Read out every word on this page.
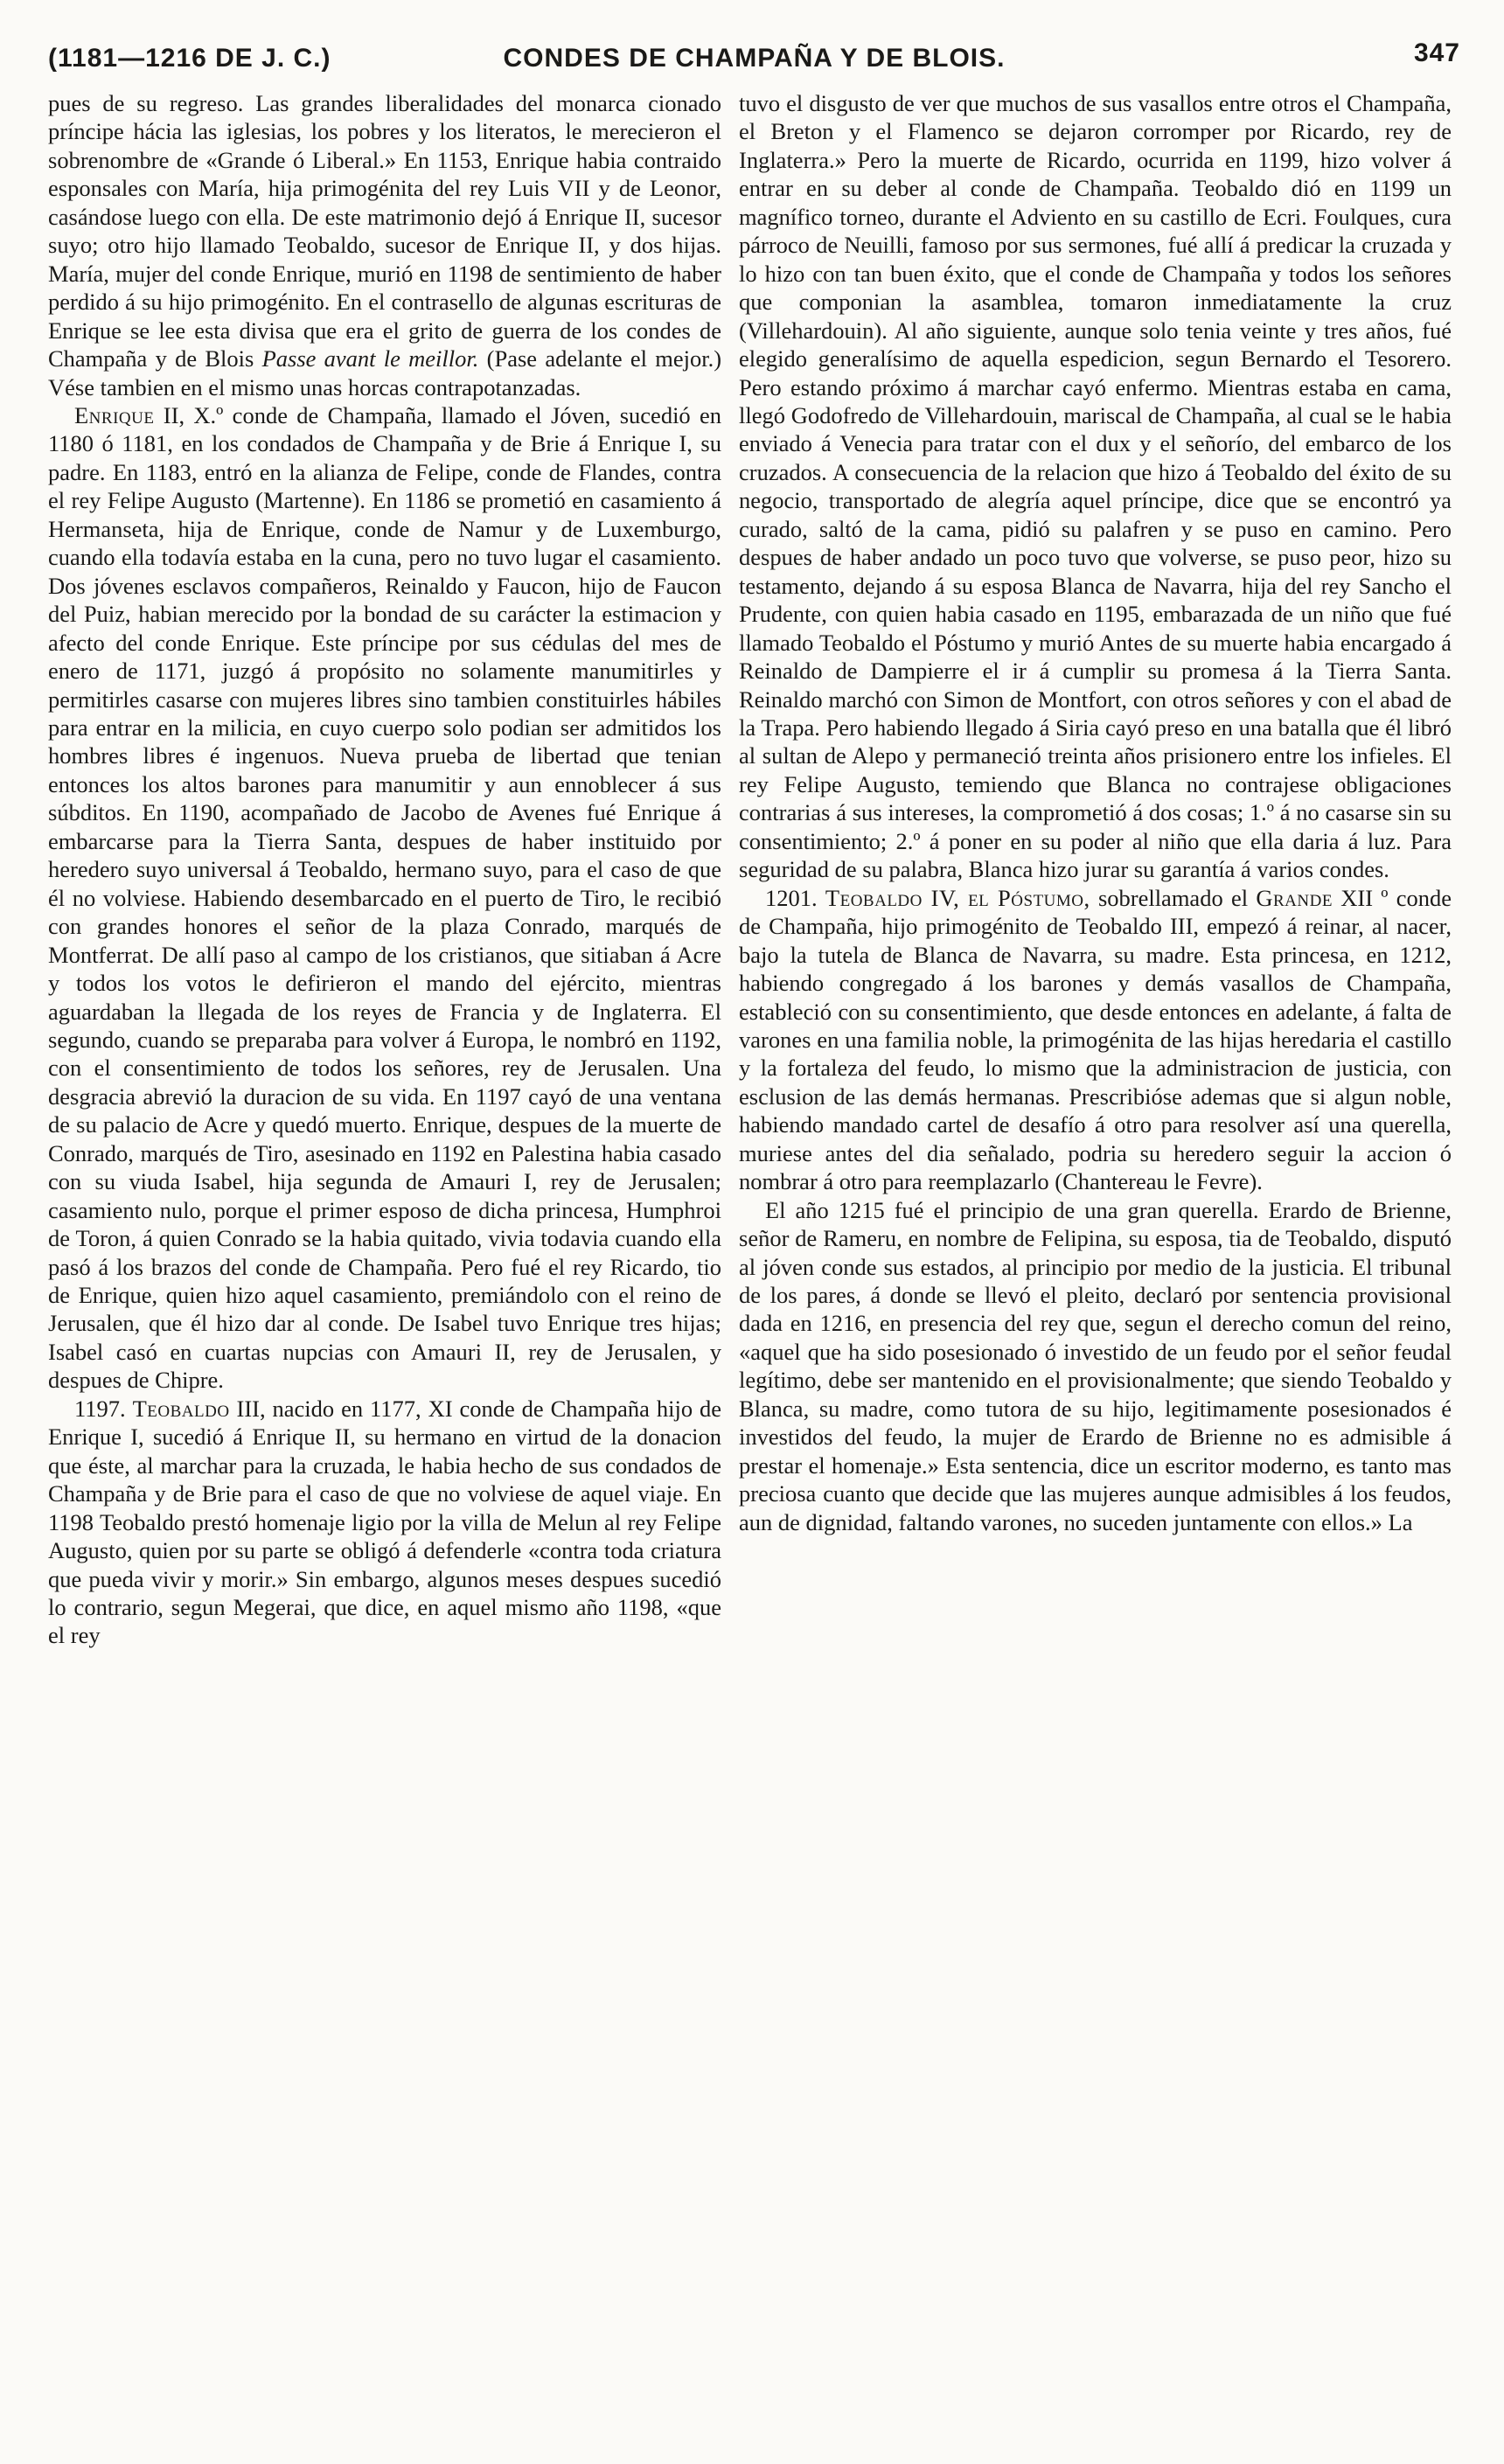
(1181—1216 DE J. C.)	CONDES DE CHAMPAÑA Y DE BLOIS.	347

pues de su regreso. Las grandes liberalidades del monarca cionado príncipe hácia las iglesias, los pobres y los literatos, le merecieron el sobrenombre de «Grande ó Liberal.» En 1153, Enrique habia contraido esponsales con María, hija primogénita del rey Luis VII y de Leonor, casándose luego con ella. De este matrimonio dejó á Enrique II, sucesor suyo; otro hijo llamado Teobaldo, sucesor de Enrique II, y dos hijas. María, mujer del conde Enrique, murió en 1198 de sentimiento de haber perdido á su hijo primogénito. En el contrasello de algunas escrituras de Enrique se lee esta divisa que era el grito de guerra de los condes de Champaña y de Blois Passe avant le meillor. (Pase adelante el mejor.) Vése tambien en el mismo unas horcas contrapotanzadas.

Enrique II, X.º conde de Champaña, llamado el Jóven, sucedió en 1180 ó 1181, en los condados de Champaña y de Brie á Enrique I, su padre. En 1183, entró en la alianza de Felipe, conde de Flandes, contra el rey Felipe Augusto (Martenne). En 1186 se prometió en casamiento á Hermanseta, hija de Enrique, conde de Namur y de Luxemburgo, cuando ella todavía estaba en la cuna, pero no tuvo lugar el casamiento. Dos jóvenes esclavos compañeros, Reinaldo y Faucon, hijo de Faucon del Puiz, habian merecido por la bondad de su carácter la estimacion y afecto del conde Enrique. Este príncipe por sus cédulas del mes de enero de 1171, juzgó á propósito no solamente manumitirles y permitirles casarse con mujeres libres sino tambien constituirles hábiles para entrar en la milicia, en cuyo cuerpo solo podian ser admitidos los hombres libres é ingenuos. Nueva prueba de libertad que tenian entonces los altos barones para manumitir y aun ennoblecer á sus súbditos. En 1190, acompañado de Jacobo de Avenes fué Enrique á embarcarse para la Tierra Santa, despues de haber instituido por heredero suyo universal á Teobaldo, hermano suyo, para el caso de que él no volviese. Habiendo desembarcado en el puerto de Tiro, le recibió con grandes honores el señor de la plaza Conrado, marqués de Montferrat. De allí paso al campo de los cristianos, que sitiaban á Acre y todos los votos le defirieron el mando del ejército, mientras aguardaban la llegada de los reyes de Francia y de Inglaterra. El segundo, cuando se preparaba para volver á Europa, le nombró en 1192, con el consentimiento de todos los señores, rey de Jerusalen. Una desgracia abrevió la duracion de su vida. En 1197 cayó de una ventana de su palacio de Acre y quedó muerto. Enrique, despues de la muerte de Conrado, marqués de Tiro, asesinado en 1192 en Palestina habia casado con su viuda Isabel, hija segunda de Amauri I, rey de Jerusalen; casamiento nulo, porque el primer esposo de dicha princesa, Humphroi de Toron, á quien Conrado se la habia quitado, vivia todavia cuando ella pasó á los brazos del conde de Champaña. Pero fué el rey Ricardo, tio de Enrique, quien hizo aquel casamiento, premiándolo con el reino de Jerusalen, que él hizo dar al conde. De Isabel tuvo Enrique tres hijas; Isabel casó en cuartas nupcias con Amauri II, rey de Jerusalen, y despues de Chipre.

1197. Teobaldo III, nacido en 1177, XI conde de Champaña hijo de Enrique I, sucedió á Enrique II, su hermano en virtud de la donacion que éste, al marchar para la cruzada, le habia hecho de sus condados de Champaña y de Brie para el caso de que no volviese de aquel viaje. En 1198 Teobaldo prestó homenaje ligio por la villa de Melun al rey Felipe Augusto, quien por su parte se obligó á defenderle «contra toda criatura que pueda vivir y morir.» Sin embargo, algunos meses despues sucedió lo contrario, segun Megerai, que dice, en aquel mismo año 1198, «que el rey

tuvo el disgusto de ver que muchos de sus vasallos entre otros el Champaña, el Breton y el Flamenco se dejaron corromper por Ricardo, rey de Inglaterra.» Pero la muerte de Ricardo, ocurrida en 1199, hizo volver á entrar en su deber al conde de Champaña. Teobaldo dió en 1199 un magnífico torneo, durante el Adviento en su castillo de Ecri. Foulques, cura párroco de Neuilli, famoso por sus sermones, fué allí á predicar la cruzada y lo hizo con tan buen éxito, que el conde de Champaña y todos los señores que componian la asamblea, tomaron inmediatamente la cruz (Villehardouin). Al año siguiente, aunque solo tenia veinte y tres años, fué elegido generalísimo de aquella espedicion, segun Bernardo el Tesorero. Pero estando próximo á marchar cayó enfermo. Mientras estaba en cama, llegó Godofredo de Villehardouin, mariscal de Champaña, al cual se le habia enviado á Venecia para tratar con el dux y el señorío, del embarco de los cruzados. A consecuencia de la relacion que hizo á Teobaldo del éxito de su negocio, transportado de alegría aquel príncipe, dice que se encontró ya curado, saltó de la cama, pidió su palafren y se puso en camino. Pero despues de haber andado un poco tuvo que volverse, se puso peor, hizo su testamento, dejando á su esposa Blanca de Navarra, hija del rey Sancho el Prudente, con quien habia casado en 1195, embarazada de un niño que fué llamado Teobaldo el Póstumo y murió Antes de su muerte habia encargado á Reinaldo de Dampierre el ir á cumplir su promesa á la Tierra Santa. Reinaldo marchó con Simon de Montfort, con otros señores y con el abad de la Trapa. Pero habiendo llegado á Siria cayó preso en una batalla que él libró al sultan de Alepo y permaneció treinta años prisionero entre los infieles. El rey Felipe Augusto, temiendo que Blanca no contrajese obligaciones contrarias á sus intereses, la comprometió á dos cosas; 1.º á no casarse sin su consentimiento; 2.º á poner en su poder al niño que ella daria á luz. Para seguridad de su palabra, Blanca hizo jurar su garantía á varios condes.

1201. Teobaldo IV, el Póstumo, sobrellamado el Grande XII º conde de Champaña, hijo primogénito de Teobaldo III, empezó á reinar, al nacer, bajo la tutela de Blanca de Navarra, su madre. Esta princesa, en 1212, habiendo congregado á los barones y demás vasallos de Champaña, estableció con su consentimiento, que desde entonces en adelante, á falta de varones en una familia noble, la primogénita de las hijas heredaria el castillo y la fortaleza del feudo, lo mismo que la administracion de justicia, con esclusion de las demás hermanas. Prescribióse ademas que si algun noble, habiendo mandado cartel de desafío á otro para resolver así una querella, muriese antes del dia señalado, podria su heredero seguir la accion ó nombrar á otro para reemplazarlo (Chantereau le Fevre).

El año 1215 fué el principio de una gran querella. Erardo de Brienne, señor de Rameru, en nombre de Felipina, su esposa, tia de Teobaldo, disputó al jóven conde sus estados, al principio por medio de la justicia. El tribunal de los pares, á donde se llevó el pleito, declaró por sentencia provisional dada en 1216, en presencia del rey que, segun el derecho comun del reino, «aquel que ha sido posesionado ó investido de un feudo por el señor feudal legítimo, debe ser mantenido en el provisionalmente; que siendo Teobaldo y Blanca, su madre, como tutora de su hijo, legitimamente posesionados é investidos del feudo, la mujer de Erardo de Brienne no es admisible á prestar el homenaje.» Esta sentencia, dice un escritor moderno, es tanto mas preciosa cuanto que decide que las mujeres aunque admisibles á los feudos, aun de dignidad, faltando varones, no suceden juntamente con ellos.» La
